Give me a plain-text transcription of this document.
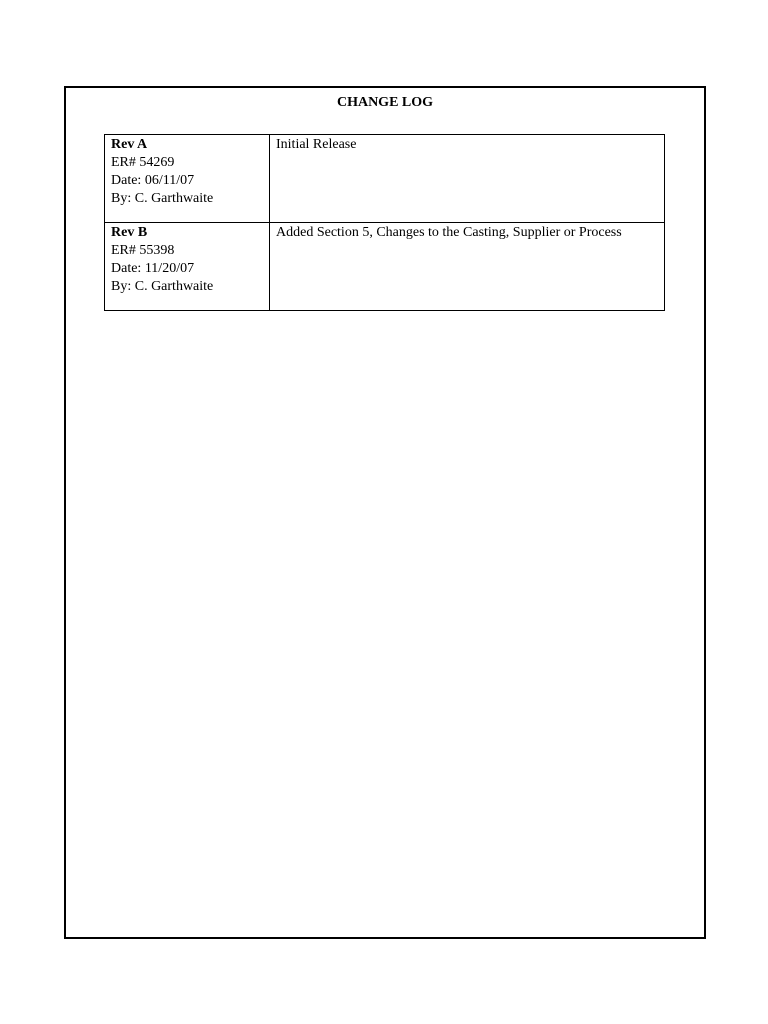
CHANGE LOG
Rev A
ER# 54269
Date: 06/11/07
By: C. Garthwaite	Initial Release

Rev B
ER# 55398
Date: 11/20/07
By: C. Garthwaite	Added Section 5, Changes to the Casting, Supplier or Process
